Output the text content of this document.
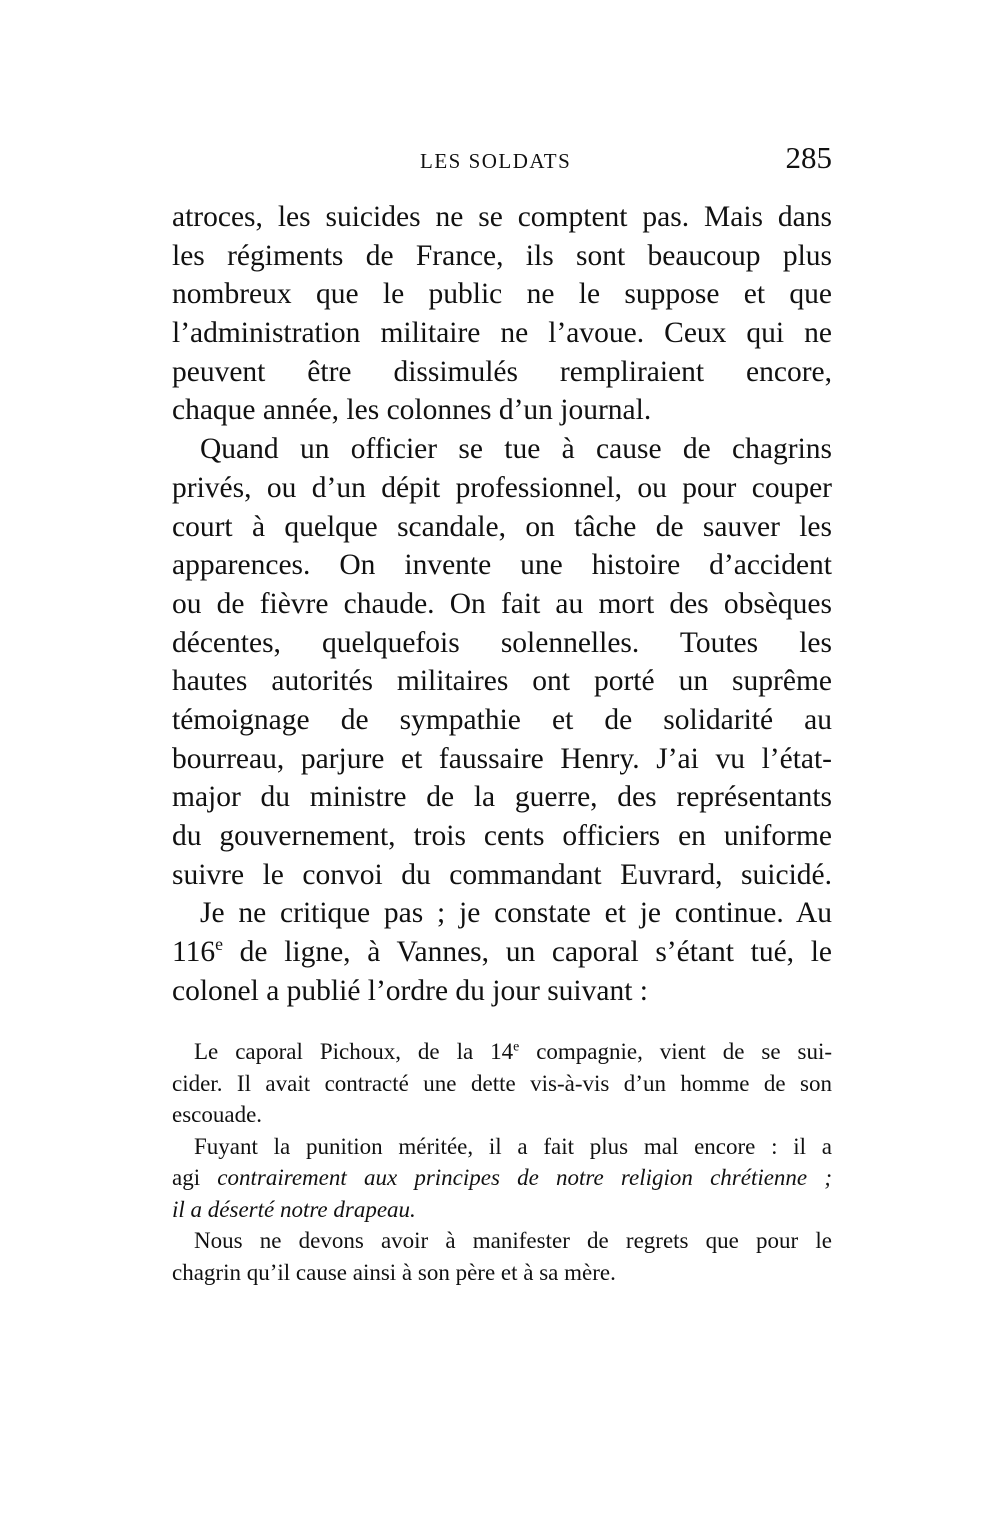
LES SOLDATS	285
atroces, les suicides ne se comptent pas. Mais dans
les régiments de France, ils sont beaucoup plus
nombreux que le public ne le suppose et que
l’administration militaire ne l’avoue. Ceux qui ne
peuvent être dissimulés rempliraient encore,
chaque année, les colonnes d’un journal.
Quand un officier se tue à cause de chagrins
privés, ou d’un dépit professionnel, ou pour couper
court à quelque scandale, on tâche de sauver les
apparences. On invente une histoire d’accident
ou de fièvre chaude. On fait au mort des obsèques
décentes, quelquefois solennelles. Toutes les
hautes autorités militaires ont porté un suprême
témoignage de sympathie et de solidarité au
bourreau, parjure et faussaire Henry. J’ai vu l’état-
major du ministre de la guerre, des représentants
du gouvernement, trois cents officiers en uniforme
suivre le convoi du commandant Euvrard, suicidé.
Je ne critique pas ; je constate et je continue. Au
116e de ligne, à Vannes, un caporal s’étant tué, le
colonel a publié l’ordre du jour suivant :
Le caporal Pichoux, de la 14e compagnie, vient de se sui-
cider. Il avait contracté une dette vis-à-vis d’un homme de son
escouade.
Fuyant la punition méritée, il a fait plus mal encore : il a
agi contrairement aux principes de notre religion chrétienne ;
il a déserté notre drapeau.
Nous ne devons avoir à manifester de regrets que pour le
chagrin qu’il cause ainsi à son père et à sa mère.
